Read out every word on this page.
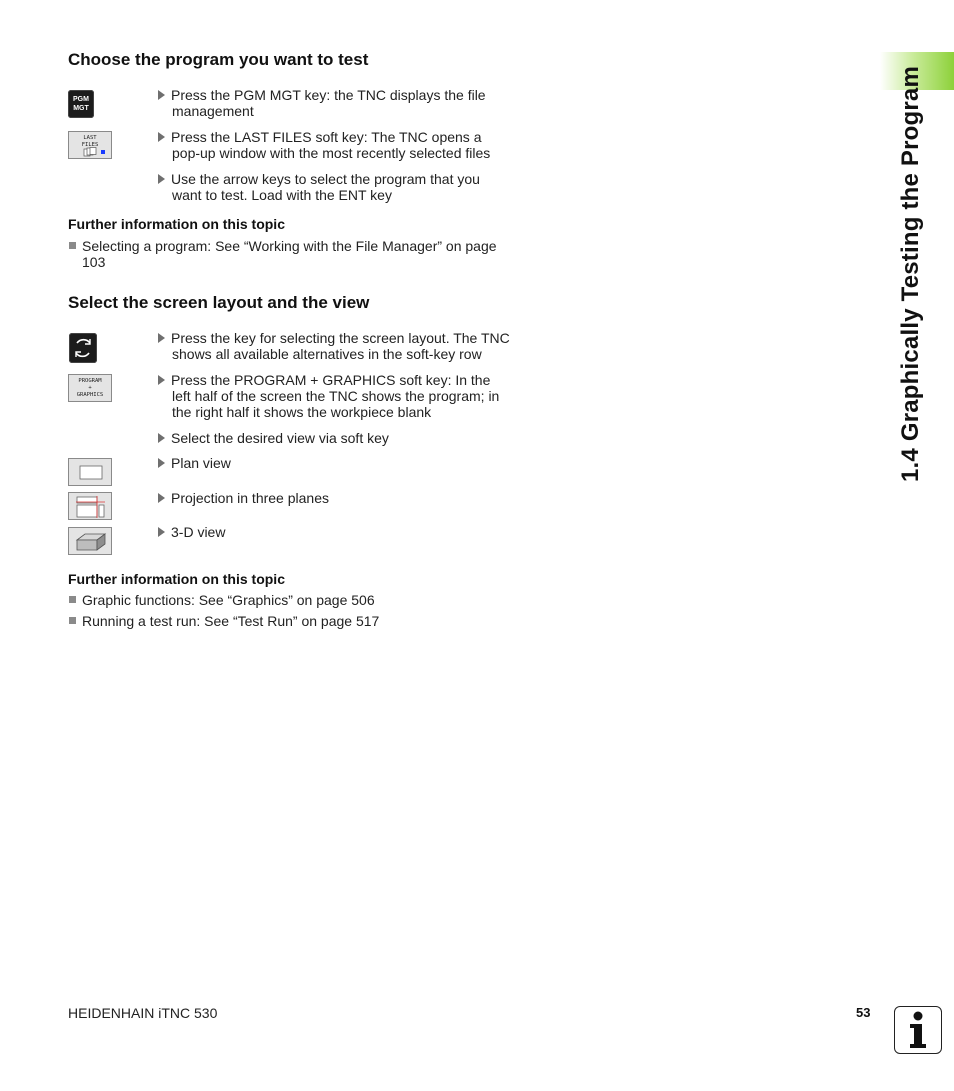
1.4 Graphically Testing the Program
Choose the program you want to test
PGM
MGT
Press the PGM MGT key: the TNC displays the file
management
LAST
FILES	Press the LAST FILES soft key: The TNC opens a
pop-up window with the most recently selected files
Use the arrow keys to select the program that you
want to test. Load with the ENT key
Further information on this topic
Selecting a program: See “Working with the File Manager” on page
103
Select the screen layout and the view
Press the key for selecting the screen layout. The TNC
shows all available alternatives in the soft-key row
PROGRAM
+
GRAPHICS
Press the PROGRAM + GRAPHICS soft key: In the
left half of the screen the TNC shows the program; in
the right half it shows the workpiece blank
Select the desired view via soft key
Plan view
Projection in three planes
3-D view
Further information on this topic
Graphic functions: See “Graphics” on page 506
Running a test run: See “Test Run” on page 517
HEIDENHAIN iTNC 530	53
